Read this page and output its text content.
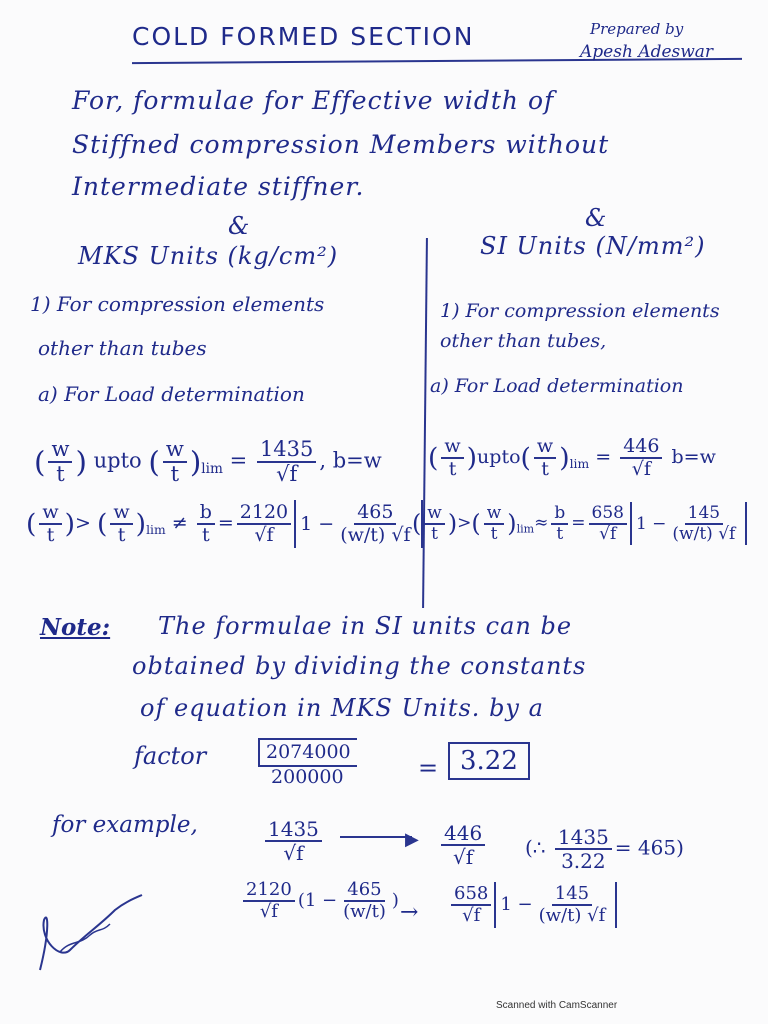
COLD FORMED SECTION	Prepared by
Apesh Adeswar
For, formulae for Effective width of
Stiffned compression Members without
Intermediate stiffner.
&	&
MKS Units (kg/cm²)	SI Units (N/mm²)
1) For compression elements
other than tubes
a) For Load determination
1) For compression elements
other than tubes,
a) For Load determination
( $\frac{w}{t}$ ) upto ( $\frac{w}{t} )_{lim} = \frac{1435}{√f}$ , b=w ( $\frac{w}{t}$ )upto( $\frac{w}{t} )_{lim} = \frac{446}{√f} b=w$
( $\frac{w}{t}$ )> ( $\frac{w}{t} )_{lim} \ne \frac{b}{t} = \frac{2120}{√f} 1 - \frac{465}{(w/t) √f}$
( $\frac{w}{t}$ )>( $\frac{w}{t} )_{lim}\approx \frac{b}{t} = \frac{658}{√f} 1 - \frac{145}{(w/t) √f}$
Note: The formulae in SI units can be
obtained by dividing the constants
of equation in MKS Units. by a
factor	$\frac{2074000}{200000}$	= 3.22
for example,	$\frac{1435}{√f}$	▶ $\frac{446}{√f}$ (∴ $\frac{1435}{3.22} = 465$)
$\frac{2120}{√f} (1 - \frac{465}{(w/t)}$ ) → $\frac{658}{√f} 1 - \frac{145}{(w/t) √f}$
Scanned with CamScanner
